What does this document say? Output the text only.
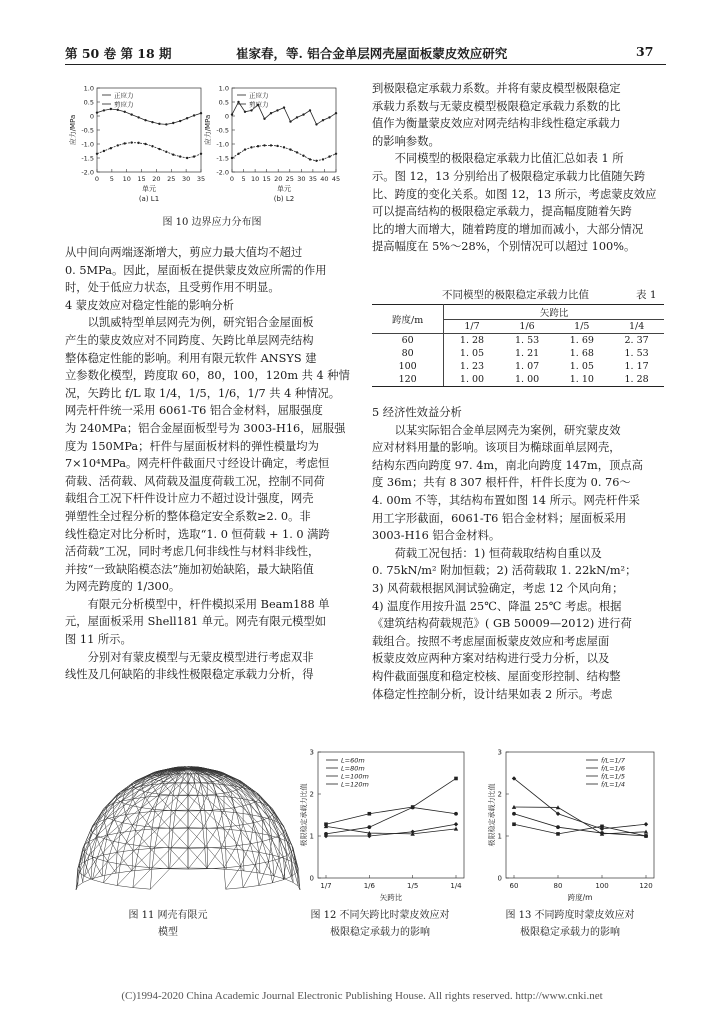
第 50 卷 第 18 期	崔家春，等. 铝合金单层网壳屋面板蒙皮效应研究	37
-2.0
-1.5
-1.0
-0.5
0
0.5
1.0
0 5 10 15 20 25 30 35
应力/MPa
单元
(a) L1
正应力
剪应力
-2.0
-1.5
-1.0
-0.5
0
0.5
1.0
0 5 10 15 20 25 30 35 40 45
应力/MPa
单元
(b) L2
正应力
剪应力
图 10 边界应力分布图

从中间向两端逐渐增大，剪应力最大值均不超过
0. 5MPa。因此，屋面板在提供蒙皮效应所需的作用
时，处于低应力状态，且受剪作用不明显。

4 蒙皮效应对稳定性能的影响分析

以凯威特型单层网壳为例，研究铝合金屋面板
产生的蒙皮效应对不同跨度、矢跨比单层网壳结构
整体稳定性能的影响。利用有限元软件 ANSYS 建
立参数化模型，跨度取 60，80，100，120m 共 4 种情
况，矢跨比 f/L 取 1/4，1/5，1/6，1/7 共 4 种情况。
网壳杆件统一采用 6061-T6 铝合金材料，屈服强度
为 240MPa；铝合金屋面板型号为 3003-H16，屈服强
度为 150MPa；杆件与屋面板材料的弹性模量均为
7×10⁴MPa。网壳杆件截面尺寸经设计确定，考虑恒
荷载、活荷载、风荷载及温度荷载工况，控制不同荷
载组合工况下杆件设计应力不超过设计强度，网壳
弹塑性全过程分析的整体稳定安全系数≥2. 0。非
线性稳定对比分析时，选取“1. 0 恒荷载 + 1. 0 满跨
活荷载”工况，同时考虑几何非线性与材料非线性，
并按“一致缺陷模态法”施加初始缺陷，最大缺陷值
为网壳跨度的 1/300。

有限元分析模型中，杆件模拟采用 Beam188 单
元，屋面板采用 Shell181 单元。网壳有限元模型如
图 11 所示。

分别对有蒙皮模型与无蒙皮模型进行考虑双非
线性及几何缺陷的非线性极限稳定承载力分析，得

到极限稳定承载力系数。并将有蒙皮模型极限稳定
承载力系数与无蒙皮模型极限稳定承载力系数的比
值作为衡量蒙皮效应对网壳结构非线性稳定承载力
的影响参数。

不同模型的极限稳定承载力比值汇总如表 1 所
示。图 12，13 分别给出了极限稳定承载力比值随矢跨
比、跨度的变化关系。如图 12，13 所示，考虑蒙皮效应
可以提高结构的极限稳定承载力，提高幅度随着矢跨
比的增大而增大，随着跨度的增加而减小，大部分情况
提高幅度在 5%～28%，个别情况可以超过 100%。

不同模型的极限稳定承载力比值	表 1
跨度/m	矢跨比			
	1/7	1/6	1/5	1/4
60	1. 28	1. 53	1. 69	2. 37
80	1. 05	1. 21	1. 68	1. 53
100	1. 23	1. 07	1. 05	1. 17
120	1. 00	1. 00	1. 10	1. 28

5 经济性效益分析

以某实际铝合金单层网壳为案例，研究蒙皮效
应对材料用量的影响。该项目为椭球面单层网壳，
结构东西向跨度 97. 4m，南北向跨度 147m，顶点高
度 36m；共有 8 307 根杆件，杆件长度为 0. 76～
4. 00m 不等，其结构布置如图 14 所示。网壳杆件采
用工字形截面，6061-T6 铝合金材料；屋面板采用
3003-H16 铝合金材料。

荷载工况包括：1) 恒荷载取结构自重以及
0. 75kN/m² 附加恒载；2) 活荷载取 1. 22kN/m²；
3) 风荷载根据风洞试验确定，考虑 12 个风向角；
4) 温度作用按升温 25℃、降温 25℃ 考虑。根据
《建筑结构荷载规范》( GB 50009—2012) 进行荷
载组合。按照不考虑屋面板蒙皮效应和考虑屋面
板蒙皮效应两种方案对结构进行受力分析，以及
构件截面强度和稳定校核、屋面变形控制、结构整
体稳定性控制分析，设计结果如表 2 所示。考虑

图 11 网壳有限元
模型
0
1
2
3
1/7	1/6	1/5	1/4
矢跨比
极限稳定承载力比值
L=60m
L=80m
L=100m
L=120m
图 12 不同矢跨比时蒙皮效应对
极限稳定承载力的影响
0
1
2
3
60	80	100	120
跨度/m
极限稳定承载力比值
f/L=1/7
f/L=1/6
f/L=1/5
f/L=1/4
图 13 不同跨度时蒙皮效应对
极限稳定承载力的影响
(C)1994-2020 China Academic Journal Electronic Publishing House. All rights reserved. http://www.cnki.net
